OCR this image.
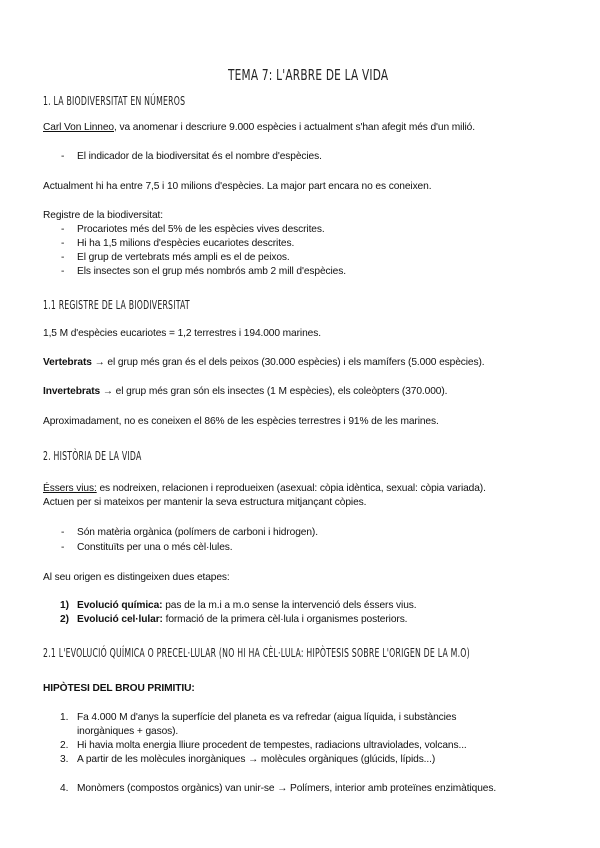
TEMA 7: L'ARBRE DE LA VIDA
1. LA BIODIVERSITAT EN NÚMEROS
Carl Von Linneo, va anomenar i descriure 9.000 espècies i actualment s'han afegit més d'un milió.
- El indicador de la biodiversitat és el nombre d'espècies.
Actualment hi ha entre 7,5 i 10 milions d'espècies. La major part encara no es coneixen.
Registre de la biodiversitat:
- Procariotes més del 5% de les espècies vives descrites.
- Hi ha 1,5 milions d'espècies eucariotes descrites.
- El grup de vertebrats més ampli es el de peixos.
- Els insectes son el grup més nombrós amb 2 mill d'espècies.
1.1 REGISTRE DE LA BIODIVERSITAT
1,5 M d'espècies eucariotes = 1,2 terrestres i 194.000 marines.
Vertebrats → el grup més gran és el dels peixos (30.000 espècies) i els mamífers (5.000 espècies).
Invertebrats → el grup més gran són els insectes (1 M espècies), els coleòpters (370.000).
Aproximadament, no es coneixen el 86% de les espècies terrestres i 91% de les marines.
2. HISTÒRIA DE LA VIDA
Éssers vius: es nodreixen, relacionen i reprodueixen (asexual: còpia idèntica, sexual: còpia variada).
Actuen per si mateixos per mantenir la seva estructura mitjançant còpies.
- Són matèria orgànica (polímers de carboni i hidrogen).
- Constituïts per una o més cèl·lules.
Al seu origen es distingeixen dues etapes:
1) Evolució química: pas de la m.i a m.o sense la intervenció dels éssers vius.
2) Evolució cel·lular: formació de la primera cèl·lula i organismes posteriors.
2.1 L'EVOLUCIÓ QUÍMICA O PRECEL·LULAR (NO HI HA CÈL·LULA: HIPÒTESIS SOBRE L'ORIGEN DE LA M.O)
HIPÒTESI DEL BROU PRIMITIU:
1. Fa 4.000 M d'anys la superfície del planeta es va refredar (aigua líquida, i substàncies
inorgàniques + gasos).
2. Hi havia molta energia lliure procedent de tempestes, radiacions ultraviolades, volcans...
3. A partir de les molècules inorgàniques → molècules orgàniques (glúcids, lípids...)
4. Monòmers (compostos orgànics) van unir-se → Polímers, interior amb proteïnes enzimàtiques.
